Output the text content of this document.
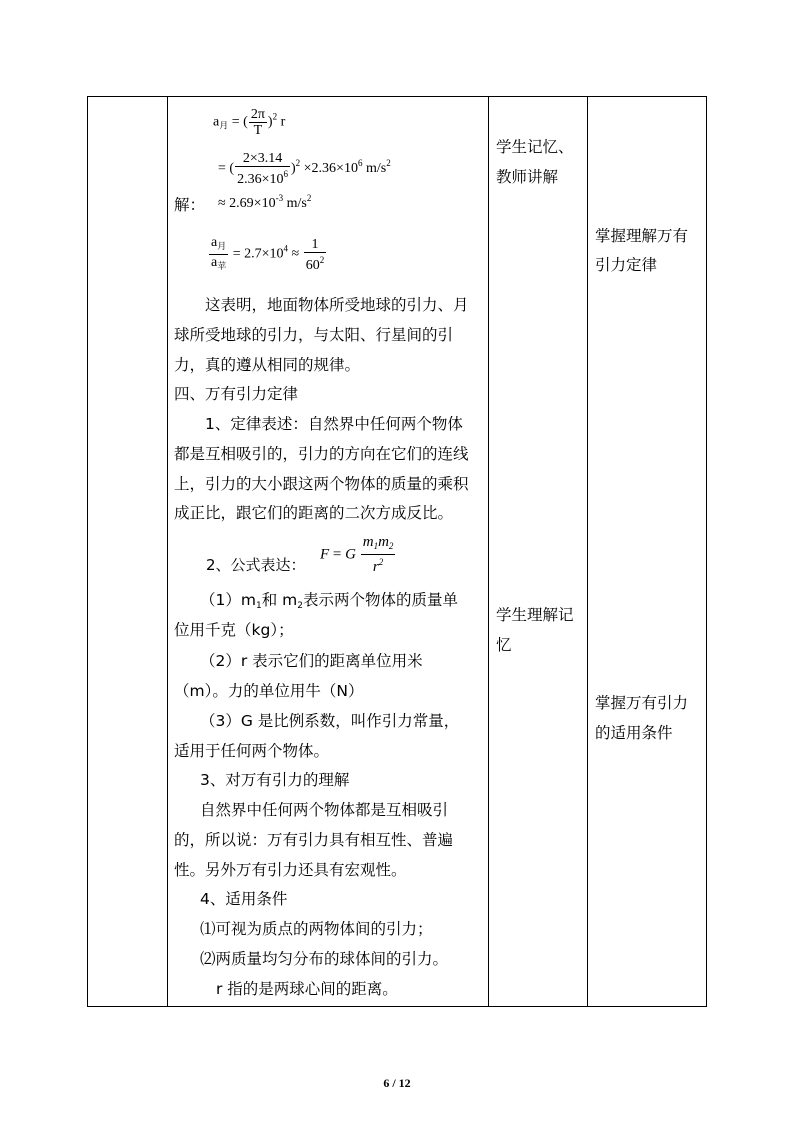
$a_月$ = ( $\frac{2\pi}{T} )^2$ r
= ( $\frac{2\times 3.14}{2.36\times 10^6} )^2 \times 2.36\times 10^6$ $m/s^2$
解： ≈ $2.69\times 10^{-3}$ $m/s^2$
$\frac{a_月}{a_苹} = 2.7\times 10^4 \approx \frac{1}{60^2}$
　　这表明，地面物体所受地球的引力、月
球所受地球的引力，与太阳、行星间的引
力，真的遵从相同的规律。
四、万有引力定律
　　1、定律表述：自然界中任何两个物体
都是互相吸引的，引力的方向在它们的连线
上，引力的大小跟这两个物体的质量的乘积
成正比，跟它们的距离的二次方成反比。
2、公式表达：
F = G $\frac{m_1m_2}{r^2}$
$(1)m_1$和 $m_2$表示两个物体的质量单
位用千克（kg）；
（2）r 表示它们的距离单位用米
（m）。力的单位用牛（N）
（3）G 是比例系数，叫作引力常量，
适用于任何两个物体。
3、对万有引力的理解
自然界中任何两个物体都是互相吸引
的，所以说：万有引力具有相互性、普遍
性。另外万有引力还具有宏观性。
4、适用条件
⑴可视为质点的两物体间的引力；
⑵两质量均匀分布的球体间的引力。
r 指的是两球心间的距离。
学生记忆、
教师讲解
学生理解记
忆
掌握理解万有
引力定律
掌握万有引力
的适用条件
6 / 12
